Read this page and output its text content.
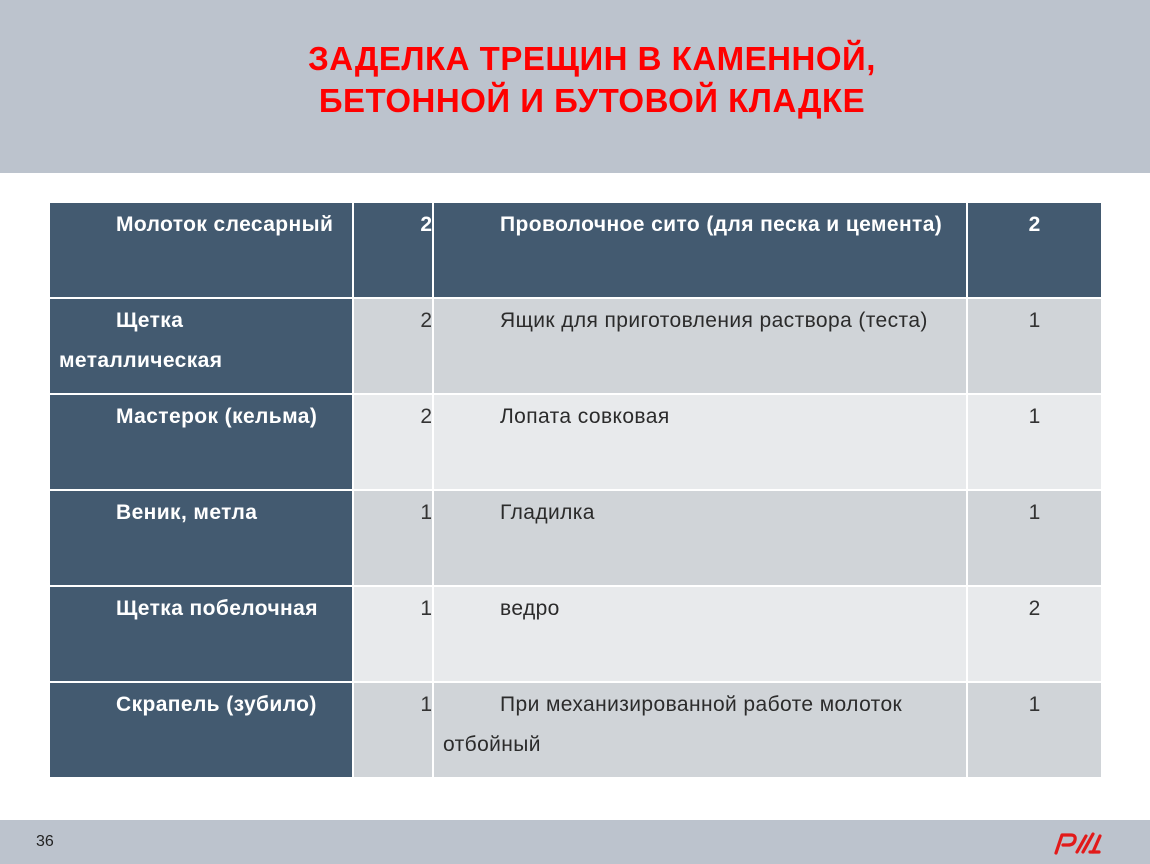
ЗАДЕЛКА ТРЕЩИН В КАМЕННОЙ,
БЕТОННОЙ И БУТОВОЙ КЛАДКЕ
Молоток слесарный	2	Проволочное сито (для песка и цемента)	2
Щетка металлическая	2	Ящик для приготовления раствора (теста)	1
Мастерок (кельма)	2	Лопата совковая	1
Веник, метла	1	Гладилка	1
Щетка побелочная	1	ведро	2
Скрапель (зубило)	1	При механизированной работе молоток отбойный	1
36
